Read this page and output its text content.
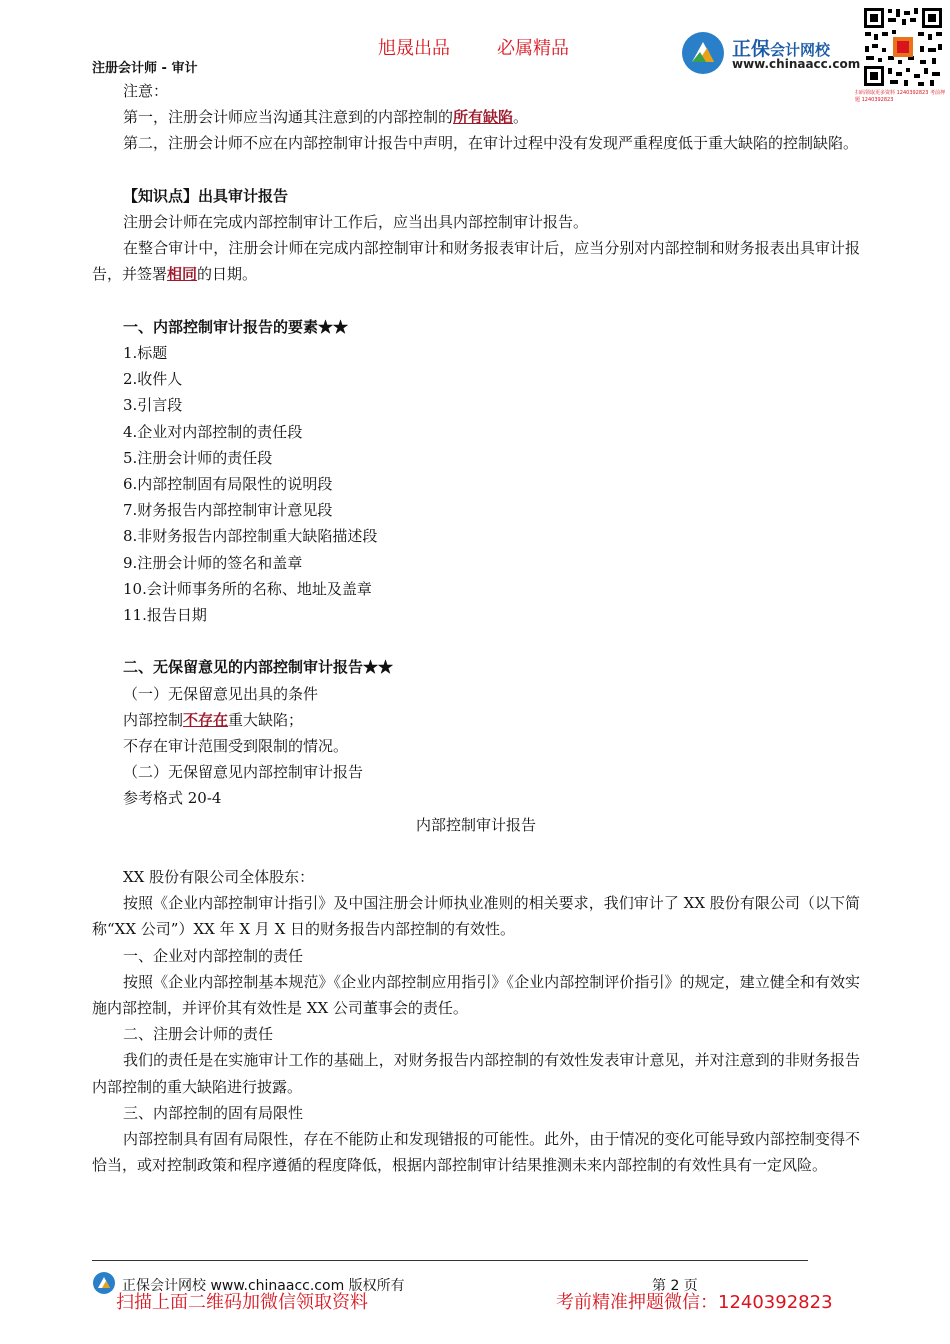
旭晟出品	必属精品
注册会计师 - 审计
正保会计网校
www.chinaacc.com
扫码领取更多资料 1240392823 考前押题 1240392823

注意：

第一，注册会计师应当沟通其注意到的内部控制的所有缺陷。

第二，注册会计师不应在内部控制审计报告中声明，在审计过程中没有发现严重程度低于重大缺陷的控制缺陷。

【知识点】出具审计报告

注册会计师在完成内部控制审计工作后，应当出具内部控制审计报告。

在整合审计中，注册会计师在完成内部控制审计和财务报表审计后，应当分别对内部控制和财务报表出具审计报告，并签署相同的日期。

一、内部控制审计报告的要素★★

1.标题

2.收件人

3.引言段

4.企业对内部控制的责任段

5.注册会计师的责任段

6.内部控制固有局限性的说明段

7.财务报告内部控制审计意见段

8.非财务报告内部控制重大缺陷描述段

9.注册会计师的签名和盖章

10.会计师事务所的名称、地址及盖章

11.报告日期

二、无保留意见的内部控制审计报告★★

（一）无保留意见出具的条件

内部控制不存在重大缺陷；

不存在审计范围受到限制的情况。

（二）无保留意见内部控制审计报告

参考格式 20-4

内部控制审计报告

XX 股份有限公司全体股东：

按照《企业内部控制审计指引》及中国注册会计师执业准则的相关要求，我们审计了 XX 股份有限公司（以下简称“XX 公司”）XX 年 X 月 X 日的财务报告内部控制的有效性。

一、企业对内部控制的责任

按照《企业内部控制基本规范》《企业内部控制应用指引》《企业内部控制评价指引》的规定，建立健全和有效实施内部控制，并评价其有效性是 XX 公司董事会的责任。

二、注册会计师的责任

我们的责任是在实施审计工作的基础上，对财务报告内部控制的有效性发表审计意见，并对注意到的非财务报告内部控制的重大缺陷进行披露。

三、内部控制的固有局限性

内部控制具有固有局限性，存在不能防止和发现错报的可能性。此外，由于情况的变化可能导致内部控制变得不恰当，或对控制政策和程序遵循的程度降低，根据内部控制审计结果推测未来内部控制的有效性具有一定风险。

正保会计网校 www.chinaacc.com 版权所有	第 2 页
扫描上面二维码加微信领取资料	考前精准押题微信：1240392823
